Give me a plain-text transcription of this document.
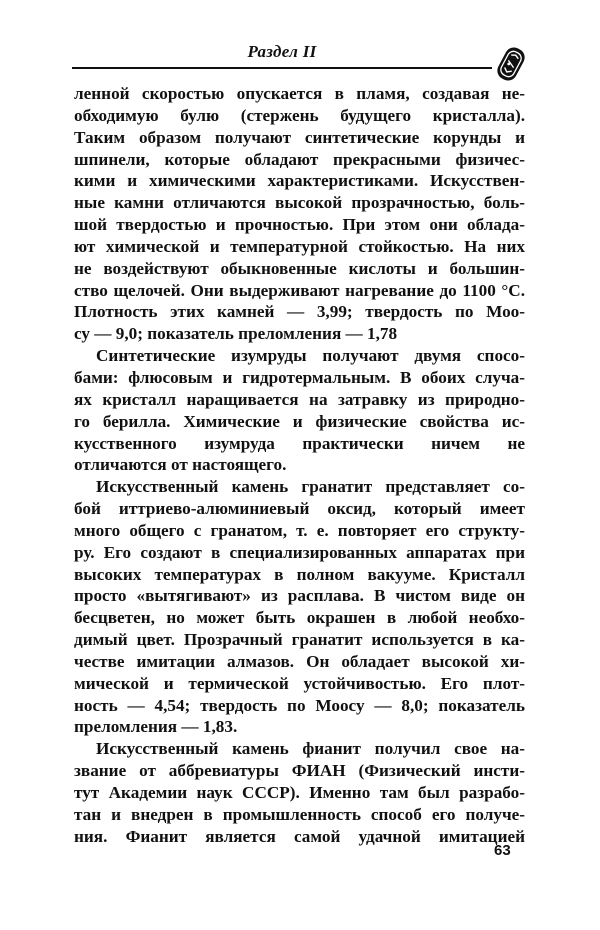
Раздел II
ленной скоростью опускается в пламя, создавая не-
обходимую булю (стержень будущего кристалла).
Таким образом получают синтетические корунды и
шпинели, которые обладают прекрасными физичес-
кими и химическими характеристиками. Искусствен-
ные камни отличаются высокой прозрачностью, боль-
шой твердостью и прочностью. При этом они облада-
ют химической и температурной стойкостью. На них
не воздействуют обыкновенные кислоты и большин-
ство щелочей. Они выдерживают нагревание до 1100 °С.
Плотность этих камней — 3,99; твердость по Моо-
су — 9,0; показатель преломления — 1,78
Синтетические изумруды получают двумя спосо-
бами: флюсовым и гидротермальным. В обоих случа-
ях кристалл наращивается на затравку из природно-
го берилла. Химические и физические свойства ис-
кусственного изумруда практически ничем не
отличаются от настоящего.
Искусственный камень гранатит представляет со-
бой иттриево-алюминиевый оксид, который имеет
много общего с гранатом, т. е. повторяет его структу-
ру. Его создают в специализированных аппаратах при
высоких температурах в полном вакууме. Кристалл
просто «вытягивают» из расплава. В чистом виде он
бесцветен, но может быть окрашен в любой необхо-
димый цвет. Прозрачный гранатит используется в ка-
честве имитации алмазов. Он обладает высокой хи-
мической и термической устойчивостью. Его плот-
ность — 4,54; твердость по Моосу — 8,0; показатель
преломления — 1,83.
Искусственный камень фианит получил свое на-
звание от аббревиатуры ФИАН (Физический инсти-
тут Академии наук СССР). Именно там был разрабо-
тан и внедрен в промышленность способ его получе-
ния. Фианит является самой удачной имитацией
63
